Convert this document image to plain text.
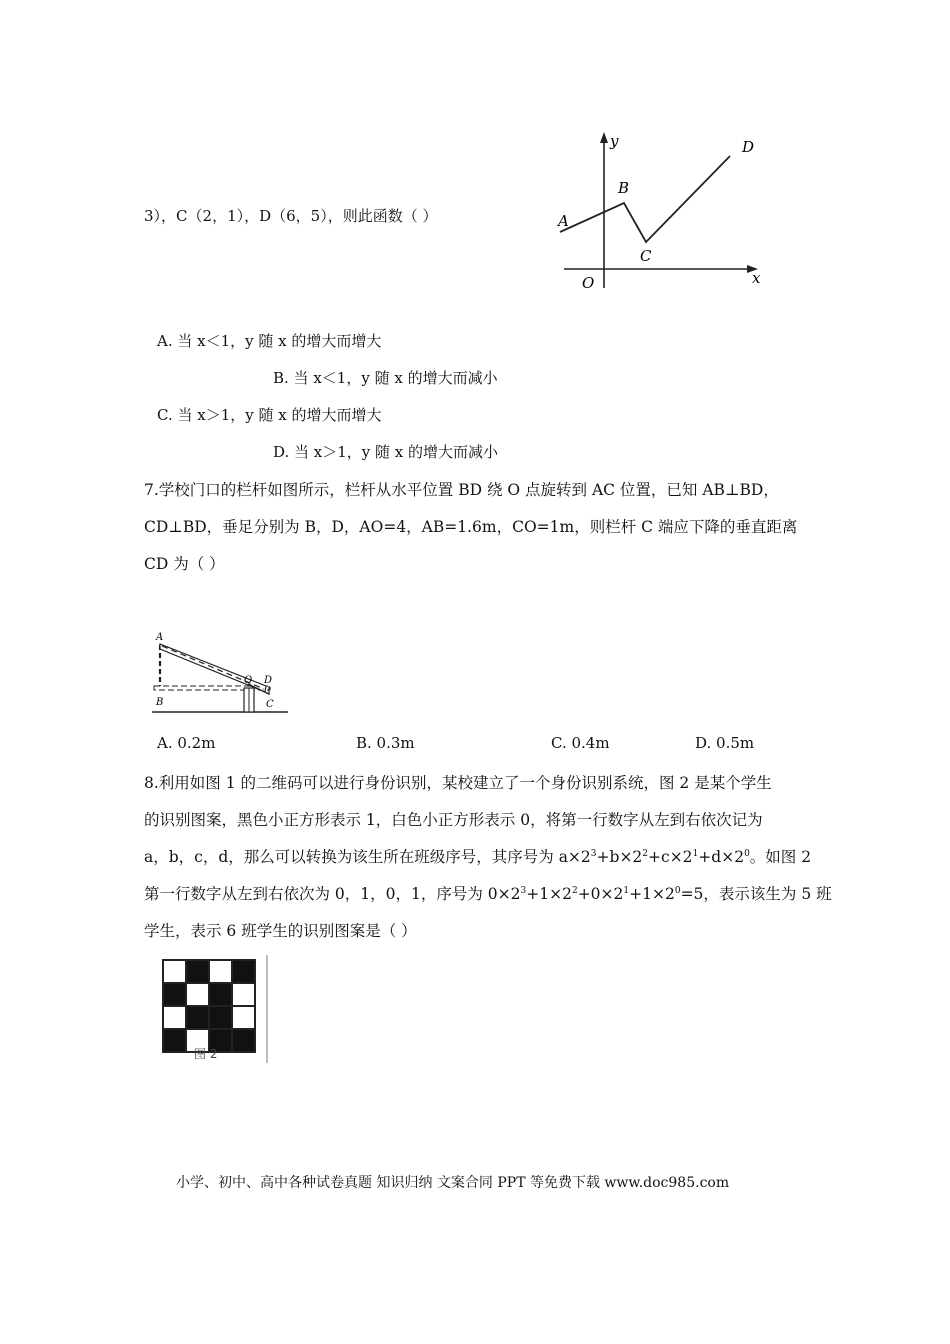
3），C（2，1），D（6，5），则此函数（ ）
y
x
O
A
B
C
D
A. 当 x＜1，y 随 x 的增大而增大
B. 当 x＜1，y 随 x 的增大而减小
C. 当 x＞1，y 随 x 的增大而增大
D. 当 x＞1，y 随 x 的增大而减小
7.学校门口的栏杆如图所示，栏杆从水平位置 BD 绕 O 点旋转到 AC 位置，已知 AB⊥BD，
CD⊥BD，垂足分别为 B，D，AO=4，AB=1.6m，CO=1m，则栏杆 C 端应下降的垂直距离
CD 为（ ）
A
B
O D
C
A. 0.2m	B. 0.3m	C. 0.4m	D. 0.5m
8.利用如图 1 的二维码可以进行身份识别，某校建立了一个身份识别系统，图 2 是某个学生
的识别图案，黑色小正方形表示 1，白色小正方形表示 0，将第一行数字从左到右依次记为
a，b，c，d，那么可以转换为该生所在班级序号，其序号为 $a\times 2^3+b\times 2^2+c\times 2^1+d\times 2^0$。如图 2
第一行数字从左到右依次为 0，1，0，1，序号为 $0\times 2^3+1\times 2^2+0\times 2^1+1\times 2^0=5$，表示该生为 5 班
学生，表示 6 班学生的识别图案是（ ）
图 2
小学、初中、高中各种试卷真题 知识归纳 文案合同 PPT 等免费下载 www.doc985.com
